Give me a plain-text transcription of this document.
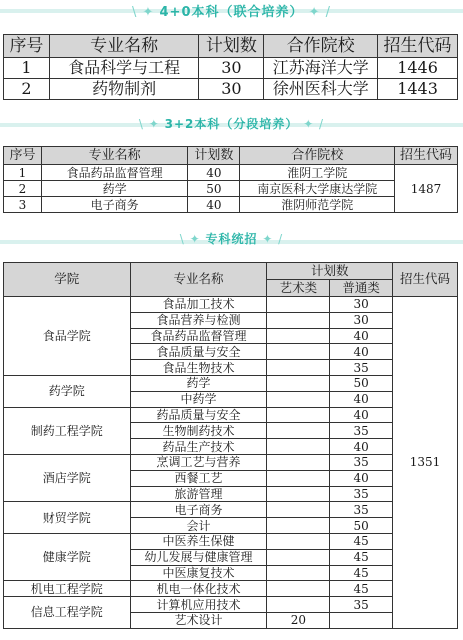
\ ✦ 4+0本科（联合培养） ✦ /
序号	专业名称	计划数	合作院校	招生代码
1	食品科学与工程	30	江苏海洋大学	1446
2	药物制剂	30	徐州医科大学	1443
\ ✦ 3+2本科（分段培养） ✦ /
序号	专业名称	计划数	合作院校	招生代码
1	食品药品监督管理	40	淮阴工学院	1487
2	药学	50	南京医科大学康达学院	
3	电子商务	40	淮阴师范学院	
\ ✦ 专科统招 ✦ /
学院	专业名称	计划数		招生代码
		艺术类	普通类	
食品学院	食品加工技术		30	1351
	食品营养与检测		30	
	食品药品监督管理		40	
	食品质量与安全		40	
	食品生物技术		35	
药学院	药学		50	
	中药学		40	
制药工程学院	药品质量与安全		40	
	生物制药技术		35	
	药品生产技术		40	
酒店学院	烹调工艺与营养		35	
	西餐工艺		40	
	旅游管理		35	
财贸学院	电子商务		35	
	会计		50	
健康学院	中医养生保健		45	
	幼儿发展与健康管理		45	
	中医康复技术		45	
机电工程学院	机电一体化技术		45	
信息工程学院	计算机应用技术		35	
	艺术设计	20		
